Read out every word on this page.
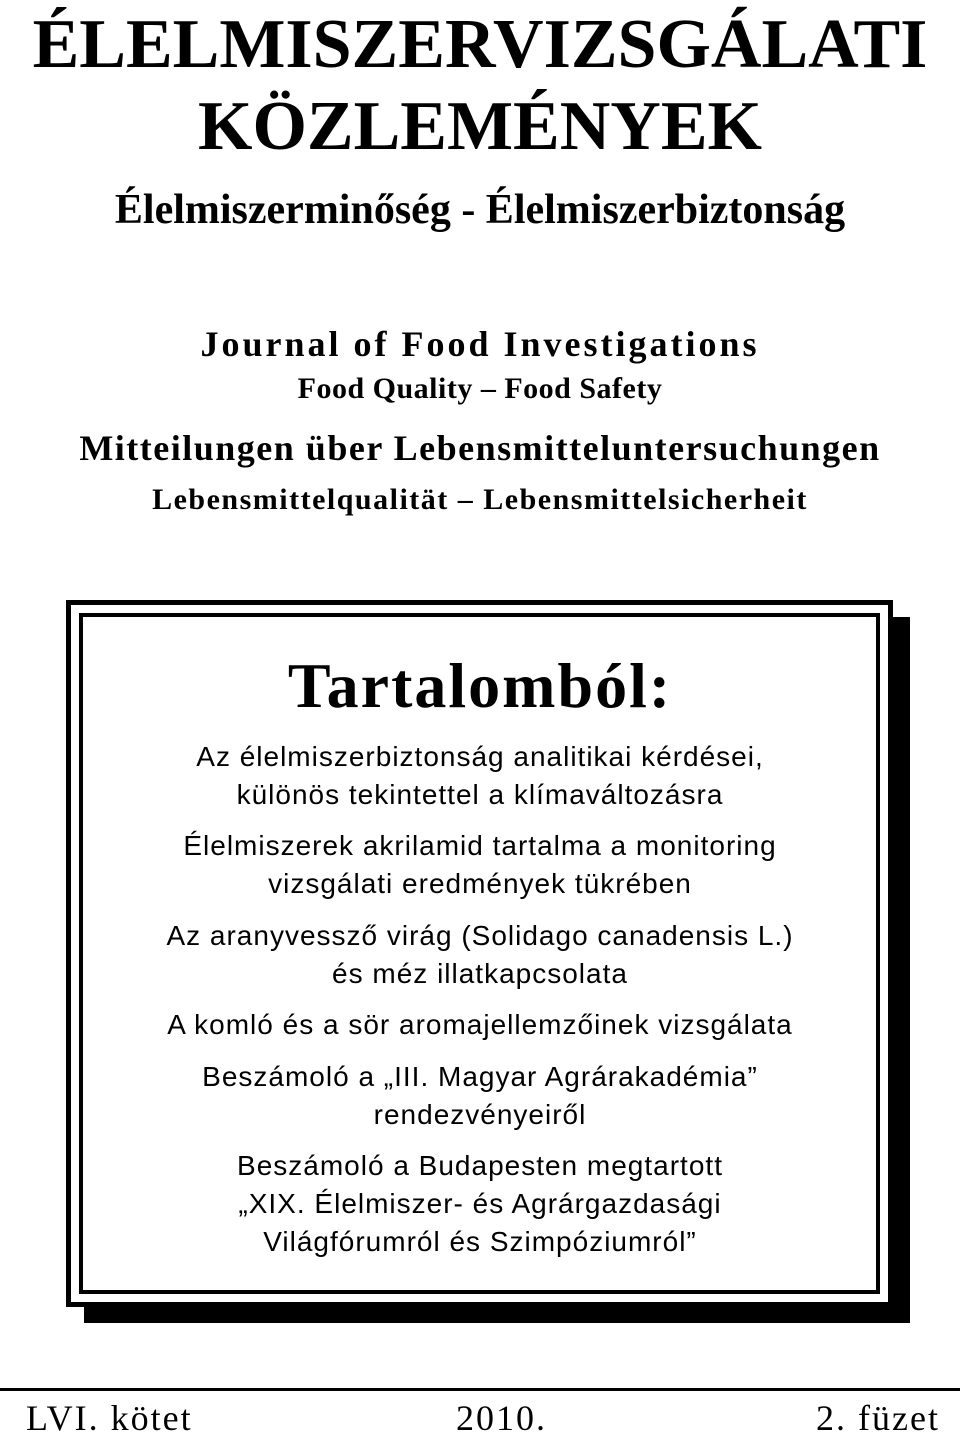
ÉLELMISZERVIZSGÁLATI
KÖZLEMÉNYEK
Élelmiszerminőség - Élelmiszerbiztonság

Journal of Food Investigations

Food Quality – Food Safety

Mitteilungen über Lebensmitteluntersuchungen

Lebensmittelqualität – Lebensmittelsicherheit

Tartalomból:
Az élelmiszerbiztonság analitikai kérdései,
különös tekintettel a klímaváltozásra
Élelmiszerek akrilamid tartalma a monitoring
vizsgálati eredmények tükrében
Az aranyvessző virág (Solidago canadensis L.)
és méz illatkapcsolata
A komló és a sör aromajellemzőinek vizsgálata
Beszámoló a „III. Magyar Agrárakadémia”
rendezvényeiről
Beszámoló a Budapesten megtartott
„XIX. Élelmiszer- és Agrárgazdasági
Világfórumról és Szimpóziumról”

LVI. kötet	2010.	2. füzet
